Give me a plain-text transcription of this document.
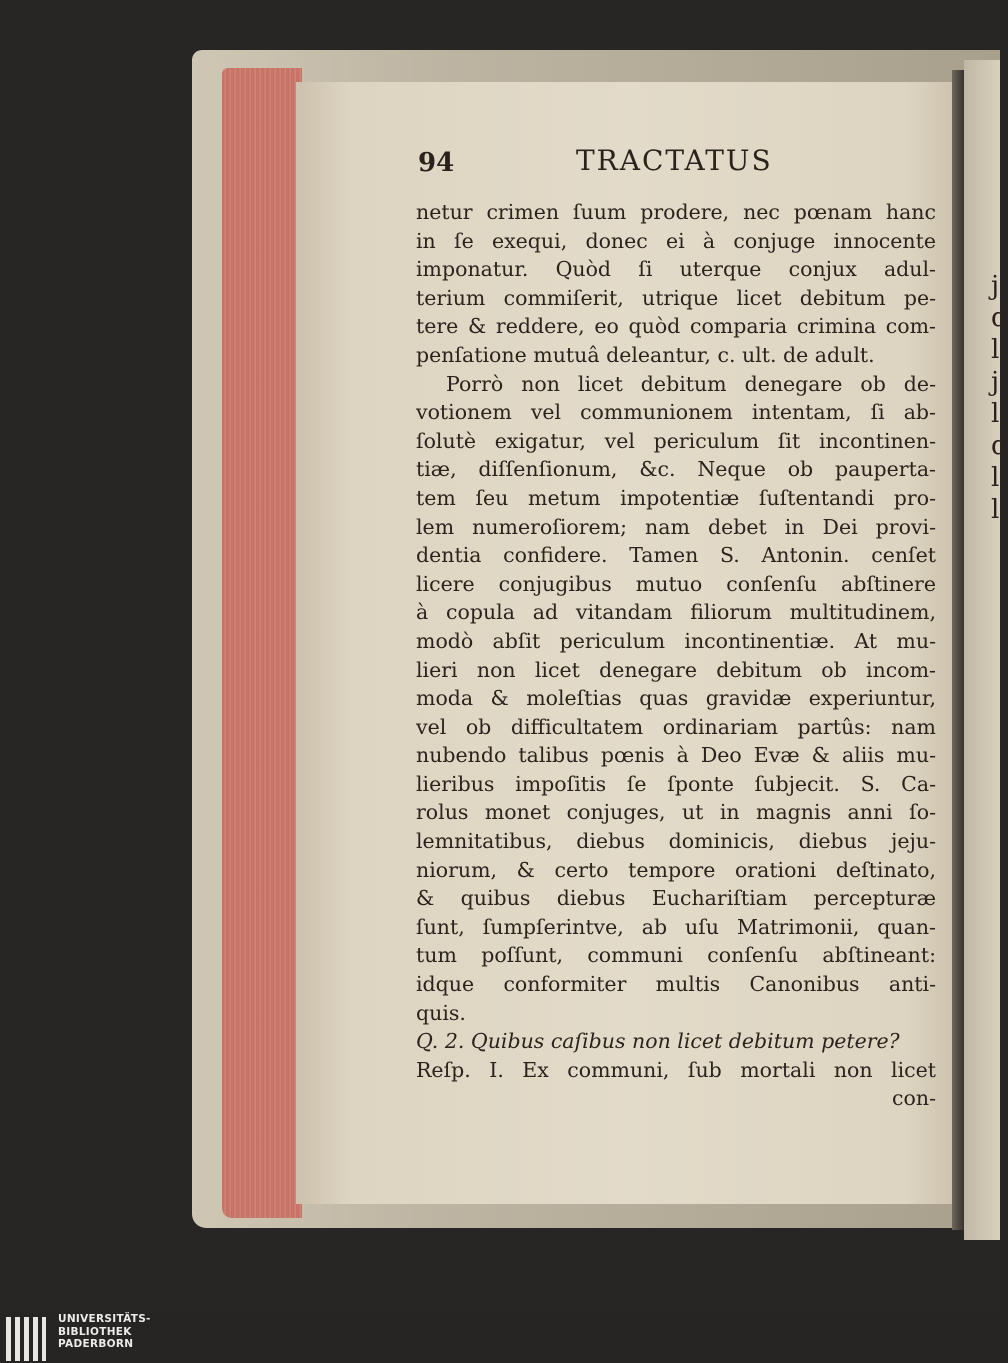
j
d
l
j
l
d
l
l
94	TRACTATUS
netur crimen ſuum prodere, nec pœnam hanc
in ſe exequi, donec ei à conjuge innocente
imponatur. Quòd ſi uterque conjux adul-
terium commiſerit, utrique licet debitum pe-
tere & reddere, eo quòd comparia crimina com-
penſatione mutuâ deleantur, c. ult. de adult.
Porrò non licet debitum denegare ob de-
votionem vel communionem intentam, ſi ab-
ſolutè exigatur, vel periculum ſit incontinen-
tiæ, diſſenſionum, &c. Neque ob pauperta-
tem ſeu metum impotentiæ ſuſtentandi pro-
lem numeroſiorem; nam debet in Dei provi-
dentia confidere. Tamen S. Antonin. cenſet
licere conjugibus mutuo conſenſu abſtinere
à copula ad vitandam filiorum multitudinem,
modò abſit periculum incontinentiæ. At mu-
lieri non licet denegare debitum ob incom-
moda & moleſtias quas gravidæ experiuntur,
vel ob difficultatem ordinariam partûs: nam
nubendo talibus pœnis à Deo Evæ & aliis mu-
lieribus impoſitis ſe ſponte ſubjecit. S. Ca-
rolus monet conjuges, ut in magnis anni ſo-
lemnitatibus, diebus dominicis, diebus jeju-
niorum, & certo tempore orationi deſtinato,
& quibus diebus Euchariſtiam percepturæ
ſunt, ſumpſerintve, ab uſu Matrimonii, quan-
tum poſſunt, communi conſenſu abſtineant:
idque conformiter multis Canonibus anti-
quis.
Q. 2. Quibus caſibus non licet debitum petere?
Reſp. I. Ex communi, ſub mortali non licet
con-
UNIVERSITÄTS-
BIBLIOTHEK
PADERBORN
